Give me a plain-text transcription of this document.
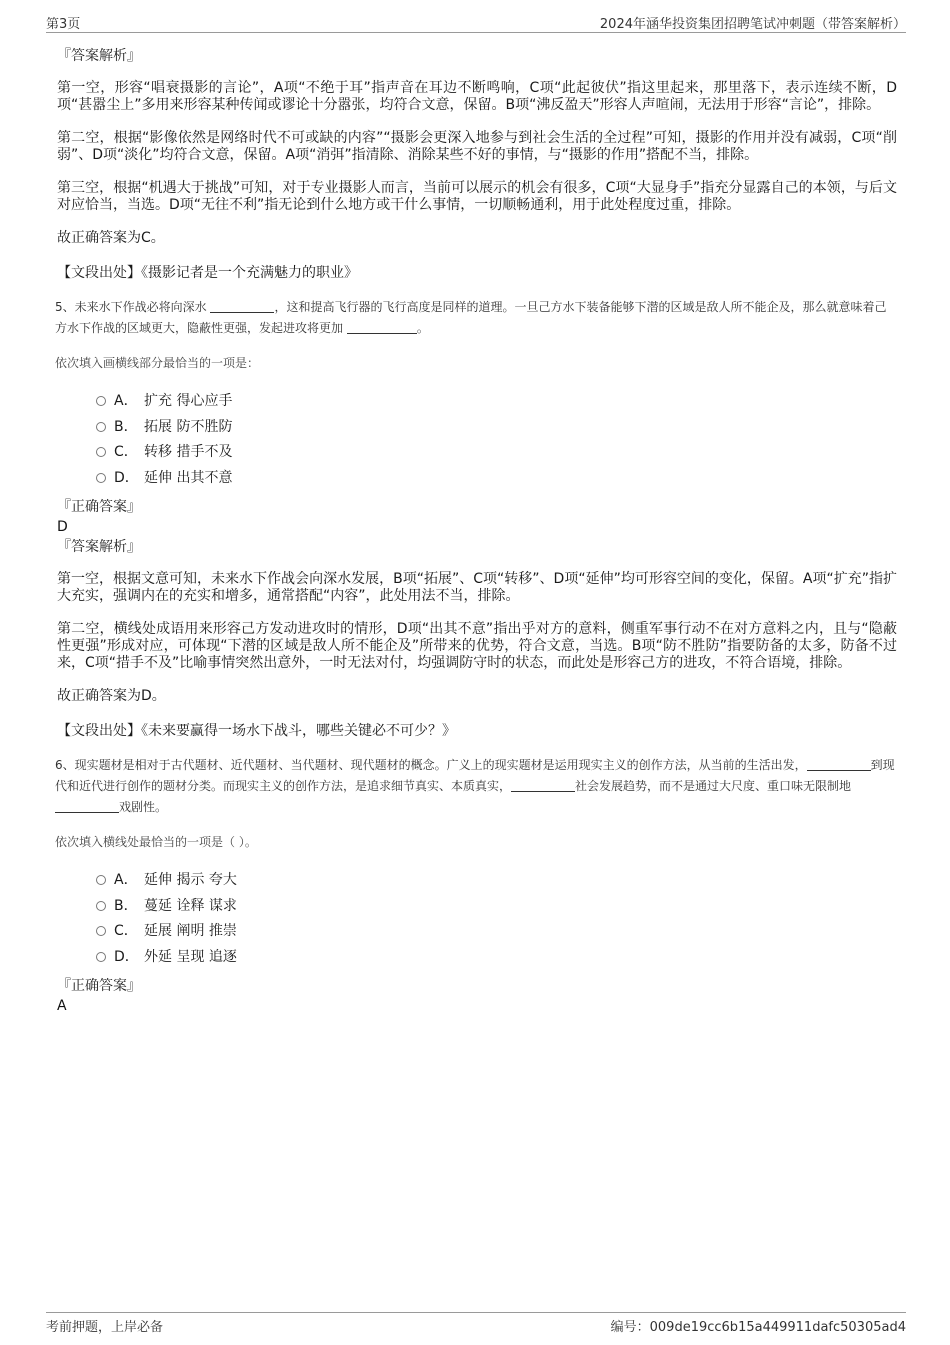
第3页	2024年涵华投资集团招聘笔试冲刺题（带答案解析）
『答案解析』
第一空，形容“唱衰摄影的言论”，A项“不绝于耳”指声音在耳边不断鸣响，C项“此起彼伏”指这里起来，那里落下，表示连续不断，D项“甚嚣尘上”多用来形容某种传闻或谬论十分嚣张，均符合文意，保留。B项“沸反盈天”形容人声喧闹，无法用于形容“言论”，排除。
第二空，根据“影像依然是网络时代不可或缺的内容”“摄影会更深入地参与到社会生活的全过程”可知，摄影的作用并没有减弱，C项“削弱”、D项“淡化”均符合文意，保留。A项“消弭”指清除、消除某些不好的事情，与“摄影的作用”搭配不当，排除。
第三空，根据“机遇大于挑战”可知，对于专业摄影人而言，当前可以展示的机会有很多，C项“大显身手”指充分显露自己的本领，与后文对应恰当，当选。D项“无往不利”指无论到什么地方或干什么事情，一切顺畅通利，用于此处程度过重，排除。
故正确答案为C。
【文段出处】《摄影记者是一个充满魅力的职业》
5、未来水下作战必将向深水	，这和提高飞行器的飞行高度是同样的道理。一旦己方水下装备能够下潜的区域是敌人所不能企及，那么就意味着己方水下作战的区域更大，隐蔽性更强，发起进攻将更加	。
依次填入画横线部分最恰当的一项是：
A． 扩充 得心应手
B． 拓展 防不胜防
C． 转移 措手不及
D． 延伸 出其不意
『正确答案』
D
『答案解析』
第一空，根据文意可知，未来水下作战会向深水发展，B项“拓展”、C项“转移”、D项“延伸”均可形容空间的变化，保留。A项“扩充”指扩大充实，强调内在的充实和增多，通常搭配“内容”，此处用法不当，排除。
第二空，横线处成语用来形容己方发动进攻时的情形，D项“出其不意”指出乎对方的意料，侧重军事行动不在对方意料之内，且与“隐蔽性更强”形成对应，可体现“下潜的区域是敌人所不能企及”所带来的优势，符合文意，当选。B项“防不胜防”指要防备的太多，防备不过来，C项“措手不及”比喻事情突然出意外，一时无法对付，均强调防守时的状态，而此处是形容己方的进攻，不符合语境，排除。
故正确答案为D。
【文段出处】《未来要赢得一场水下战斗，哪些关键必不可少？》
6、现实题材是相对于古代题材、近代题材、当代题材、现代题材的概念。广义上的现实题材是运用现实主义的创作方法，从当前的生活出发，	到现代和近代进行创作的题材分类。而现实主义的创作方法，是追求细节真实、本质真实，	社会发展趋势，而不是通过大尺度、重口味无限制地戏剧性。
依次填入横线处最恰当的一项是（ ）。
A． 延伸 揭示 夸大
B． 蔓延 诠释 谋求
C． 延展 阐明 推崇
D． 外延 呈现 追逐
『正确答案』
A
考前押题，上岸必备	编号：009de19cc6b15a449911dafc50305ad4
